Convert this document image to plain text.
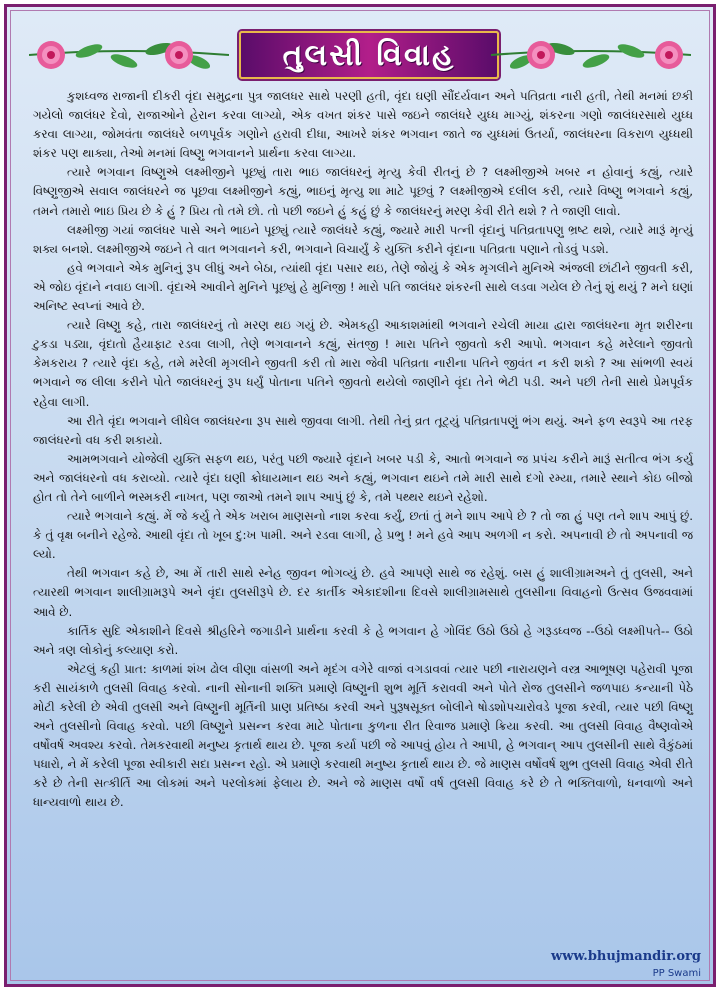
તુલસી વિવાહ

કુશધ્વજ રાજાની દીકરી વૃંદા સમુદ્રના પુત્ર જાલધર સાથે પરણી હતી, વૃંદા ઘણી સૌંદર્યવાન અને પતિવ્રતા નારી હતી, તેથી મનમાં છકી ગયેલો જાલંધર દેવો, રાજાઓને હેરાન કરવા લાગ્યો, એક વખત શંકર પાસે જઇને જાલંધરે યુધ્ધ માગ્યું, શંકરના ગણો જાલંધરસાથે યુધ્ધ કરવા લાગ્યા, જોમવંતા જાલંધરે બળપૂર્વક ગણોને હરાવી દીધા, આખરે શંકર ભગવાન જાતે જ યુધ્ધમાં ઉતર્યા, જાલંધરના વિકરાળ યુધ્ધથી શંકર પણ થાક્યા, તેઓ મનમાં વિષ્ણુ ભગવાનને પ્રાર્થના કરવા લાગ્યા.

ત્યારે ભગવાન વિષ્ણુએ લક્ષ્મીજીને પૂછ્યું તારા ભાઇ જાલંધરનું મૃત્યુ કેવી રીતનું છે ? લક્ષ્મીજીએ ખબર ન હોવાનું કહ્યું, ત્યારે વિષ્ણુજીએ સવાલ જાલંધરને જ પૂછવા લક્ષ્મીજીને કહ્યું, ભાઇનું મૃત્યુ શા માટે પૂછવું ? લક્ષ્મીજીએ દલીલ કરી, ત્યારે વિષ્ણુ ભગવાને કહ્યું, તમને તમારો ભાઇ પ્રિય છે કે હું ? પ્રિય તો તમે છો. તો પછી જઇને હું કહું છું કે જાલંધરનું મરણ કેવી રીતે થશે ? તે જાણી લાવો.

લક્ષ્મીજી ગયાં જાલંધર પાસે અને ભાઇને પૂછ્યું ત્યારે જાલંધરે કહ્યું, જ્યારે મારી પત્ની વૃંદાનું પતિવ્રતાપણુ ભ્રષ્ટ થશે, ત્યારે મારૂં મૃત્યું શક્ય બનશે. લક્ષ્મીજીએ જઇને તે વાત ભગવાનને કરી, ભગવાને વિચાર્યું કે યુક્તિ કરીને વૃંદાના પતિવ્રતા પણાને તોડવું પડશે.

હવે ભગવાને એક મુનિનું રૂપ લીધું અને બેઠા, ત્યાંથી વૃંદા પસાર થઇ, તેણે જોયું કે એક મૃગલીને મુનિએ અંજલી છાંટીને જીવતી કરી, એ જોઇ વૃંદાને નવાઇ લાગી. વૃંદાએ આવીને મુનિને પૂછ્યું હે મુનિજી ! મારો પતિ જાલંધર શંકરની સાથે લડવા ગયેલ છે તેનું શું થયું ? મને ઘણાં અનિષ્ટ સ્વપ્નાં આવે છે.

ત્યારે વિષ્ણુ કહે, તારા જાલંધરનું તો મરણ થઇ ગયું છે. એમકહી આકાશમાંથી ભગવાને રચેલી માયા દ્વારા જાલંધરના મૃત શરીરના ટુકડા પડ્યા, વૃંદાતો હૈયાફાટ રડવા લાગી, તેણે ભગવાનને કહ્યું, સંતજી ! મારા પતિને જીવતો કરી આપો. ભગવાન કહે મરેલાને જીવતો કેમકરાય ? ત્યારે વૃંદા કહે, તમે મરેલી મૃગલીને જીવતી કરી તો મારા જેવી પતિવ્રતા નારીના પતિને જીવંત ન કરી શકો ? આ સાંભળી સ્વયં ભગવાને જ લીલા કરીને પોતે જાલંધરનું રૂપ ધર્યું પોતાના પતિને જીવતો થયેલો જાણીને વૃંદા તેને ભેટી પડી. અને પછી તેની સાથે પ્રેમપૂર્વક રહેવા લાગી.

આ રીતે વૃંદા ભગવાને લીધેલ જાલંધરના રૂપ સાથે જીવવા લાગી. તેથી તેનું વ્રત તૂટ્યું પતિવ્રતાપણું ભંગ થયું. અને ફળ સ્વરૂપે આ તરફ જાલંધરનો વધ કરી શકાયો.

આમભગવાને યોજેલી યુક્તિ સફળ થઇ, પરંતુ પછી જ્યારે વૃંદાને ખબર પડી કે, આતો ભગવાને જ પ્રપંચ કરીને મારૂં સતીત્વ ભંગ કર્યુ અને જાલંધરનો વધ કરાવ્યો. ત્યારે વૃંદા ઘણી ક્રોધાયમાન થઇ અને કહ્યું, ભગવાન થઇને તમે મારી સાથે દગો રમ્યા, તમારે સ્થાને કોઇ બીજો હોત તો તેને બાળીને ભસ્મકરી નાખત, પણ જાઓ તમને શાપ આપું છું કે, તમે પથ્થર થઇને રહેશો.

ત્યારે ભગવાને કહ્યું. મેં જે કર્યુ તે એક ખરાબ માણસનો નાશ કરવા કર્યું, છતાં તું મને શાપ આપે છે ? તો જા હું પણ તને શાપ આપું છું. કે તું વૃક્ષ બનીને રહેજે. આથી વૃંદા તો ખૂબ દુ:ખ પામી. અને રડવા લાગી, હે પ્રભુ ! મને હવે આપ અળગી ન કરો. અપનાવી છે તો અપનાવી જ લ્યો.

તેથી ભગવાન કહે છે, આ મેં તારી સાથે સ્નેહ જીવન ભોગવ્યું છે. હવે આપણે સાથે જ રહેશું. બસ હું શાલીગ્રામઅને તું તુલસી, અને ત્યારથી ભગવાન શાલીગ્રામરૂપે અને વૃંદા તુલસીરૂપે છે. દર કાર્તીક એકાદશીના દિવસે શાલીગ્રામસાથે તુલસીના વિવાહનો ઉત્સવ ઉજવવામાં આવે છે.

કાર્તિક સુદિ એકાશીને દિવસે શ્રીહરિને જગાડીને પ્રાર્થના કરવી કે હે ભગવાન હે ગોવિંદ ઉઠો ઉઠો હે ગરૂડધ્વજ --ઉઠો લક્ષ્મીપતે-- ઉઠો અને ત્રણ લોકોનું કલ્યાણ કરો.

એટલું કહી પ્રાત: કાળમાં શંખ ઢોલ વીણા વાંસળી અને મૃદંગ વગેરે વાજાં વગડાવવાં ત્યાર પછી નારાયણને વસ્ત્ર આભૂષણ પહેરાવી પૂજા કરી સાયંકાળે તુલસી વિવાહ કરવો. નાની સોનાની શક્તિ પ્રમાણે વિષ્ણુની શુભ મૂર્તિ કરાવવી અને પોતે રોજ તુલસીને જળપાઇ કન્યાની પેઠે મોટી કરેલી છે એવી તુલસી અને વિષ્ણુની મૂર્તિની પ્રાણ પ્રતિષ્ઠા કરવી અને પુરૂષસૂક્ત બોલીને ષોડશોપચારોવડે પૂજા કરવી, ત્યાર પછી વિષ્ણુ અને તુલસીનો વિવાહ કરવો. પછી વિષ્ણુને પ્રસન્ન કરવા માટે પોતાના કુળના રીત રિવાજ પ્રમાણે ક્રિયા કરવી. આ તુલસી વિવાહ વૈષ્ણવોએ વર્ષોવર્ષ અવશ્ય કરવો. તેમકરવાથી મનુષ્ય કૃતાર્થ થાય છે. પૂજા કર્યા પછી જે આપવું હોય તે આપી, હે ભગવાન્ આપ તુલસીની સાથે વૈકુંઠમાં પધારો, ને મેં કરેલી પૂજા સ્વીકારી સદા પ્રસન્ન રહો. એ પ્રમાણે કરવાથી મનુષ્ય કૃતાર્થ થાય છે. જે માણસ વર્ષોવર્ષ શુભ તુલસી વિવાહ એવી રીતે કરે છે તેની સત્કીર્તિ આ લોકમાં અને પરલોકમાં ફેલાય છે. અને જે માણસ વર્ષો વર્ષ તુલસી વિવાહ કરે છે તે ભક્તિવાળો, ધનવાળો અને ધાન્યવાળો થાય છે.

www.bhujmandir.org
PP Swami
